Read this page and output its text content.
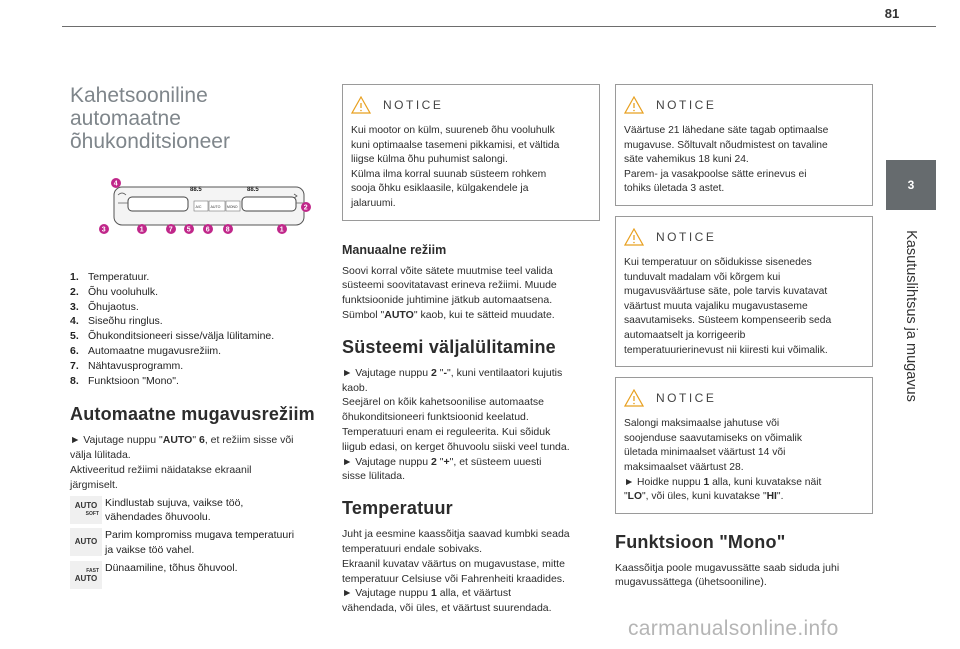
81
3
Kasutuslihtsus ja mugavus
Kahetsooniline
automaatne
õhukonditsioneer
88.5	88.5
A/C	AUTO MONO
4
2
3	1	7 5 6 8	1
1. Temperatuur.
2. Õhu vooluhulk.
3. Õhujaotus.
4. Siseõhu ringlus.
5. Õhukonditsioneeri sisse/välja lülitamine.
6. Automaatne mugavusrežiim.
7. Nähtavusprogramm.
8. Funktsioon "Mono".
Automaatne mugavusrežiim
► Vajutage nuppu "AUTO" 6, et režiim sisse või
välja lülitada.
Aktiveeritud režiimi näidatakse ekraanil
järgmiselt.
AUTO
SOFT
Kindlustab sujuva, vaikse töö,
vähendades õhuvoolu.
AUTO
Parim kompromiss mugava temperatuuri
ja vaikse töö vahel.
FAST
AUTO
Dünaamiline, tõhus õhuvool.
NOTICE
Kui mootor on külm, suureneb õhu vooluhulk
kuni optimaalse tasemeni pikkamisi, et vältida
liigse külma õhu puhumist salongi.
Külma ilma korral suunab süsteem rohkem
sooja õhku esiklaasile, külgakendele ja
jalaruumi.
Manuaalne režiim
Soovi korral võite sätete muutmise teel valida
süsteemi soovitatavast erineva režiimi. Muude
funktsioonide juhtimine jätkub automaatsena.
Sümbol "AUTO" kaob, kui te sätteid muudate.
Süsteemi väljalülitamine
► Vajutage nuppu 2 "-", kuni ventilaatori kujutis
kaob.
Seejärel on kõik kahetsoonilise automaatse
õhukonditsioneeri funktsioonid keelatud.
Temperatuuri enam ei reguleerita. Kui sõiduk
liigub edasi, on kerget õhuvoolu siiski veel tunda.
► Vajutage nuppu 2 "+", et süsteem uuesti
sisse lülitada.
Temperatuur
Juht ja eesmine kaassõitja saavad kumbki seada
temperatuuri endale sobivaks.
Ekraanil kuvatav väärtus on mugavustase, mitte
temperatuur Celsiuse või Fahrenheiti kraadides.
► Vajutage nuppu 1 alla, et väärtust
vähendada, või üles, et väärtust suurendada.
NOTICE
Väärtuse 21 lähedane säte tagab optimaalse
mugavuse. Sõltuvalt nõudmistest on tavaline
säte vahemikus 18 kuni 24.
Parem- ja vasakpoolse sätte erinevus ei
tohiks ületada 3 astet.
NOTICE
Kui temperatuur on sõidukisse sisenedes
tunduvalt madalam või kõrgem kui
mugavusväärtuse säte, pole tarvis kuvatavat
väärtust muuta vajaliku mugavustaseme
saavutamiseks. Süsteem kompenseerib seda
automaatselt ja korrigeerib
temperatuurierinevust nii kiiresti kui võimalik.
NOTICE
Salongi maksimaalse jahutuse või
soojenduse saavutamiseks on võimalik
ületada minimaalset väärtust 14 või
maksimaalset väärtust 28.
► Hoidke nuppu 1 alla, kuni kuvatakse näit
"LO", või üles, kuni kuvatakse "HI".
Funktsioon "Mono"
Kaassõitja poole mugavussätte saab siduda juhi
mugavussättega (ühetsooniline).
carmanualsonline.info
